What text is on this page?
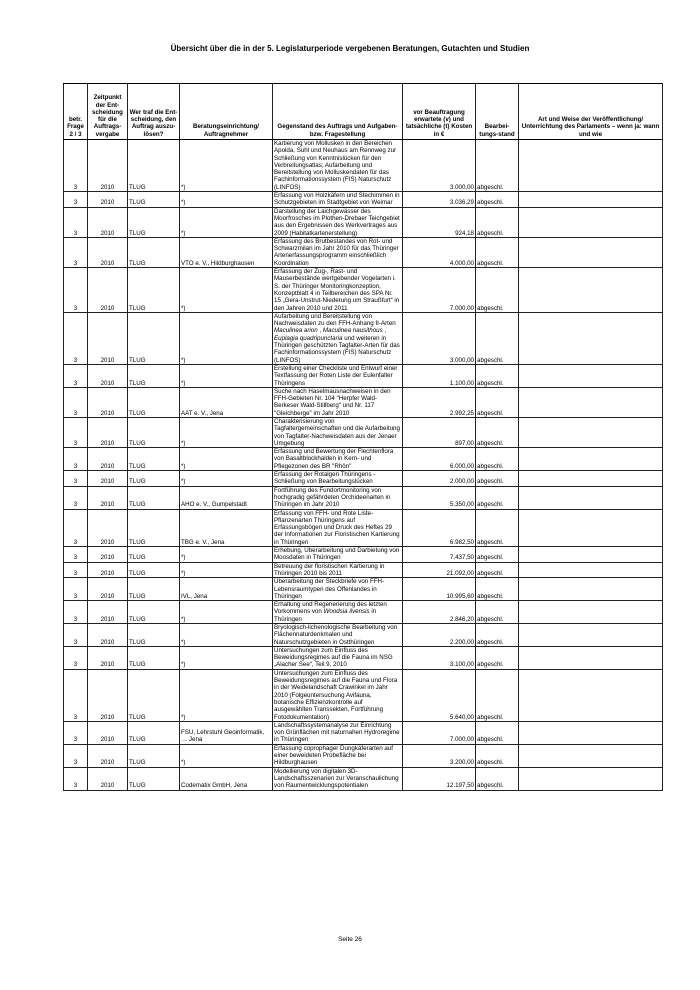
Übersicht über die in der 5. Legislaturperiode vergebenen Beratungen, Gutachten und Studien
betr. Frage 2 / 3	Zeitpunkt der Ent-scheidung für die Auftrags-vergabe	Wer traf die Ent-scheidung, den Auftrag auszu-lösen?	Beratungseinrichtung/ Auftragnehmer	Gegenstand des Auftrags und Aufgaben- bzw. Fragestellung	vor Beauftragung erwartete (v) und tatsächliche (t) Kosten in €	Bearbei-tungs-stand	Art und Weise der Veröffentlichung/ Unterrichtung des Parlaments – wenn ja: wann und wie
3	2010	TLUG	*)	Kartierung von Mollusken in den Bereichen Apolda, Suhl und Neuhaus am Rennweg zur Schließung von Kenntnislücken für den Verbreitungsatlas; Aufarbeitung und Bereitstellung von Molluskendaten für das Fachinformationssystem (FIS) Naturschutz (LINFOS)	3.000,00	abgeschl.	
3	2010	TLUG	*)	Erfassung von Holzkäfern und Stechimmen in Schutzgebieten im Stadtgebiet von Weimar	3.036,29	abgeschl.	
3	2010	TLUG	*)	Darstellung der Laichgewässer des Moorfrosches im Plothen-Drebaer Teichgebiet aus den Ergebnissen des Werkvertrages aus 2009 (Habitatkartenerstellung)	924,18	abgeschl.	
3	2010	TLUG	VTO e. V., Hildburghausen	Erfassung des Brutbestandes von Rot- und Schwarzmilan im Jahr 2010 für das Thüringer Artenerfassungsprogramm einschließlich Koordination	4.000,00	abgeschl.	
3	2010	TLUG	*)	Erfassung der Zug-, Rast- und Mauserbestände wertgebender Vogelarten i. S. der Thüringer Monitoringkonzeption, Konzeptblatt 4 in Teilbereichen des SPA Nr. 15 „Gera-Unstrut-Niederung um Straußfurt“ in den Jahren 2010 und 2011	7.000,00	abgeschl.	
3	2010	TLUG	*)	Aufarbeitung und Bereitstellung von Nachweisdaten zu den FFH-Anhang II-Arten Maculinea arion , Maculinea nausithous , Euplagia quadripunctaria und weiteren in Thüringen geschützten Tagfalter-Arten für das Fachinformationssystem (FIS) Naturschutz (LINFOS)	3.000,00	abgeschl.	
3	2010	TLUG	*)	Erstellung einer Checkliste und Entwurf einer Textfassung der Roten Liste der Eulenfalter Thüringens	1.100,00	abgeschl.	
3	2010	TLUG	AAT e. V., Jena	Suche nach Haselmausnachweisen in den FFH-Gebieten Nr. 104 "Herpfer Wald-Berkeser Wald-Stillberg" und Nr. 117 "Gleichberge" im Jahr 2010	2.992,25	abgeschl.	
3	2010	TLUG	*)	Charakterisierung von Tagfaltergemeinschaften und die Aufarbeitung von Tagfalter-Nachweisdaten aus der Jenaer Umgebung	897,00	abgeschl.	
3	2010	TLUG	*)	Erfassung und Bewertung der Flechtenflora von Basaltblockhalden in Kern- und Pflegezonen des BR "Rhön"	6.000,00	abgeschl.	
3	2010	TLUG	*)	Erfassung der Rotalgen Thüringens - Schließung von Bearbeitungslücken	2.000,00	abgeschl.	
3	2010	TLUG	AHO e. V., Gumpelstadt	Fortführung des Fundortmonitoring von hochgradig gefährdeten Orchideenarten in Thüringen im Jahr 2010	5.350,00	abgeschl.	
3	2010	TLUG	TBG e. V., Jena	Erfassung von FFH- und Rote Liste-Pflanzenarten Thüringens auf Erfassungsbögen und Druck des Heftes 29 der Informationen zur Floristischen Kartierung in Thüringen	6.982,50	abgeschl.	
3	2010	TLUG	*)	Erhebung, Überarbeitung und Darbietung von Moosdaten in Thüringen	7.437,50	abgeschl.	
3	2010	TLUG	*)	Betreuung der floristischen Kartierung in Thüringen 2010 bis 2011	21.092,00	abgeschl.	
3	2010	TLUG	IVL, Jena	Überarbeitung der Steckbriefe von FFH-Lebensraumtypen des Offenlandes in Thüringen	10.995,60	abgeschl.	
3	2010	TLUG	*)	Erhaltung und Regenerierung des letzten Vorkommens von Woodsia ilvensis in Thüringen	2.846,20	abgeschl.	
3	2010	TLUG	*)	Bryologisch-lichenologische Bearbeitung von Flächennaturdenkmalen und Naturschutzgebieten in Ostthüringen	2.200,00	abgeschl.	
3	2010	TLUG	*)	Untersuchungen zum Einfluss des Beweidungsregimes auf die Fauna im NSG „Alacher See“, Teil 9, 2010	3.100,00	abgeschl.	
3	2010	TLUG	*)	Untersuchungen zum Einfluss des Beweidungsregimes auf die Fauna und Flora in der Weidelandschaft Crawinkel im Jahr 2010 (Folgeuntersuchung Avifauna, botanische Effizienzkontrolle auf ausgewählten Transsekten, Fortführung Fotodokumentation)	5.640,00	abgeschl.	
3	2010	TLUG	FSU, Lehrstuhl Geoinformatik, … Jena	Landschaftssystemanalyse zur Einrichtung von Grünflächen mit naturnahen Hydroregime in Thüringen	7.000,00	abgeschl.	
3	2010	TLUG	*)	Erfassung coprophager Dungkäferarten auf einer beweideten Probefläche bei Hildburghausen	3.200,00	abgeschl.	
3	2010	TLUG	Codematix GmbH, Jena	Modellierung von digitalen 3D-Landschaftsszenarien zur Veranschaulichung von Raumentwicklungspotentialen	12.197,50	abgeschl.	
Seite 26
